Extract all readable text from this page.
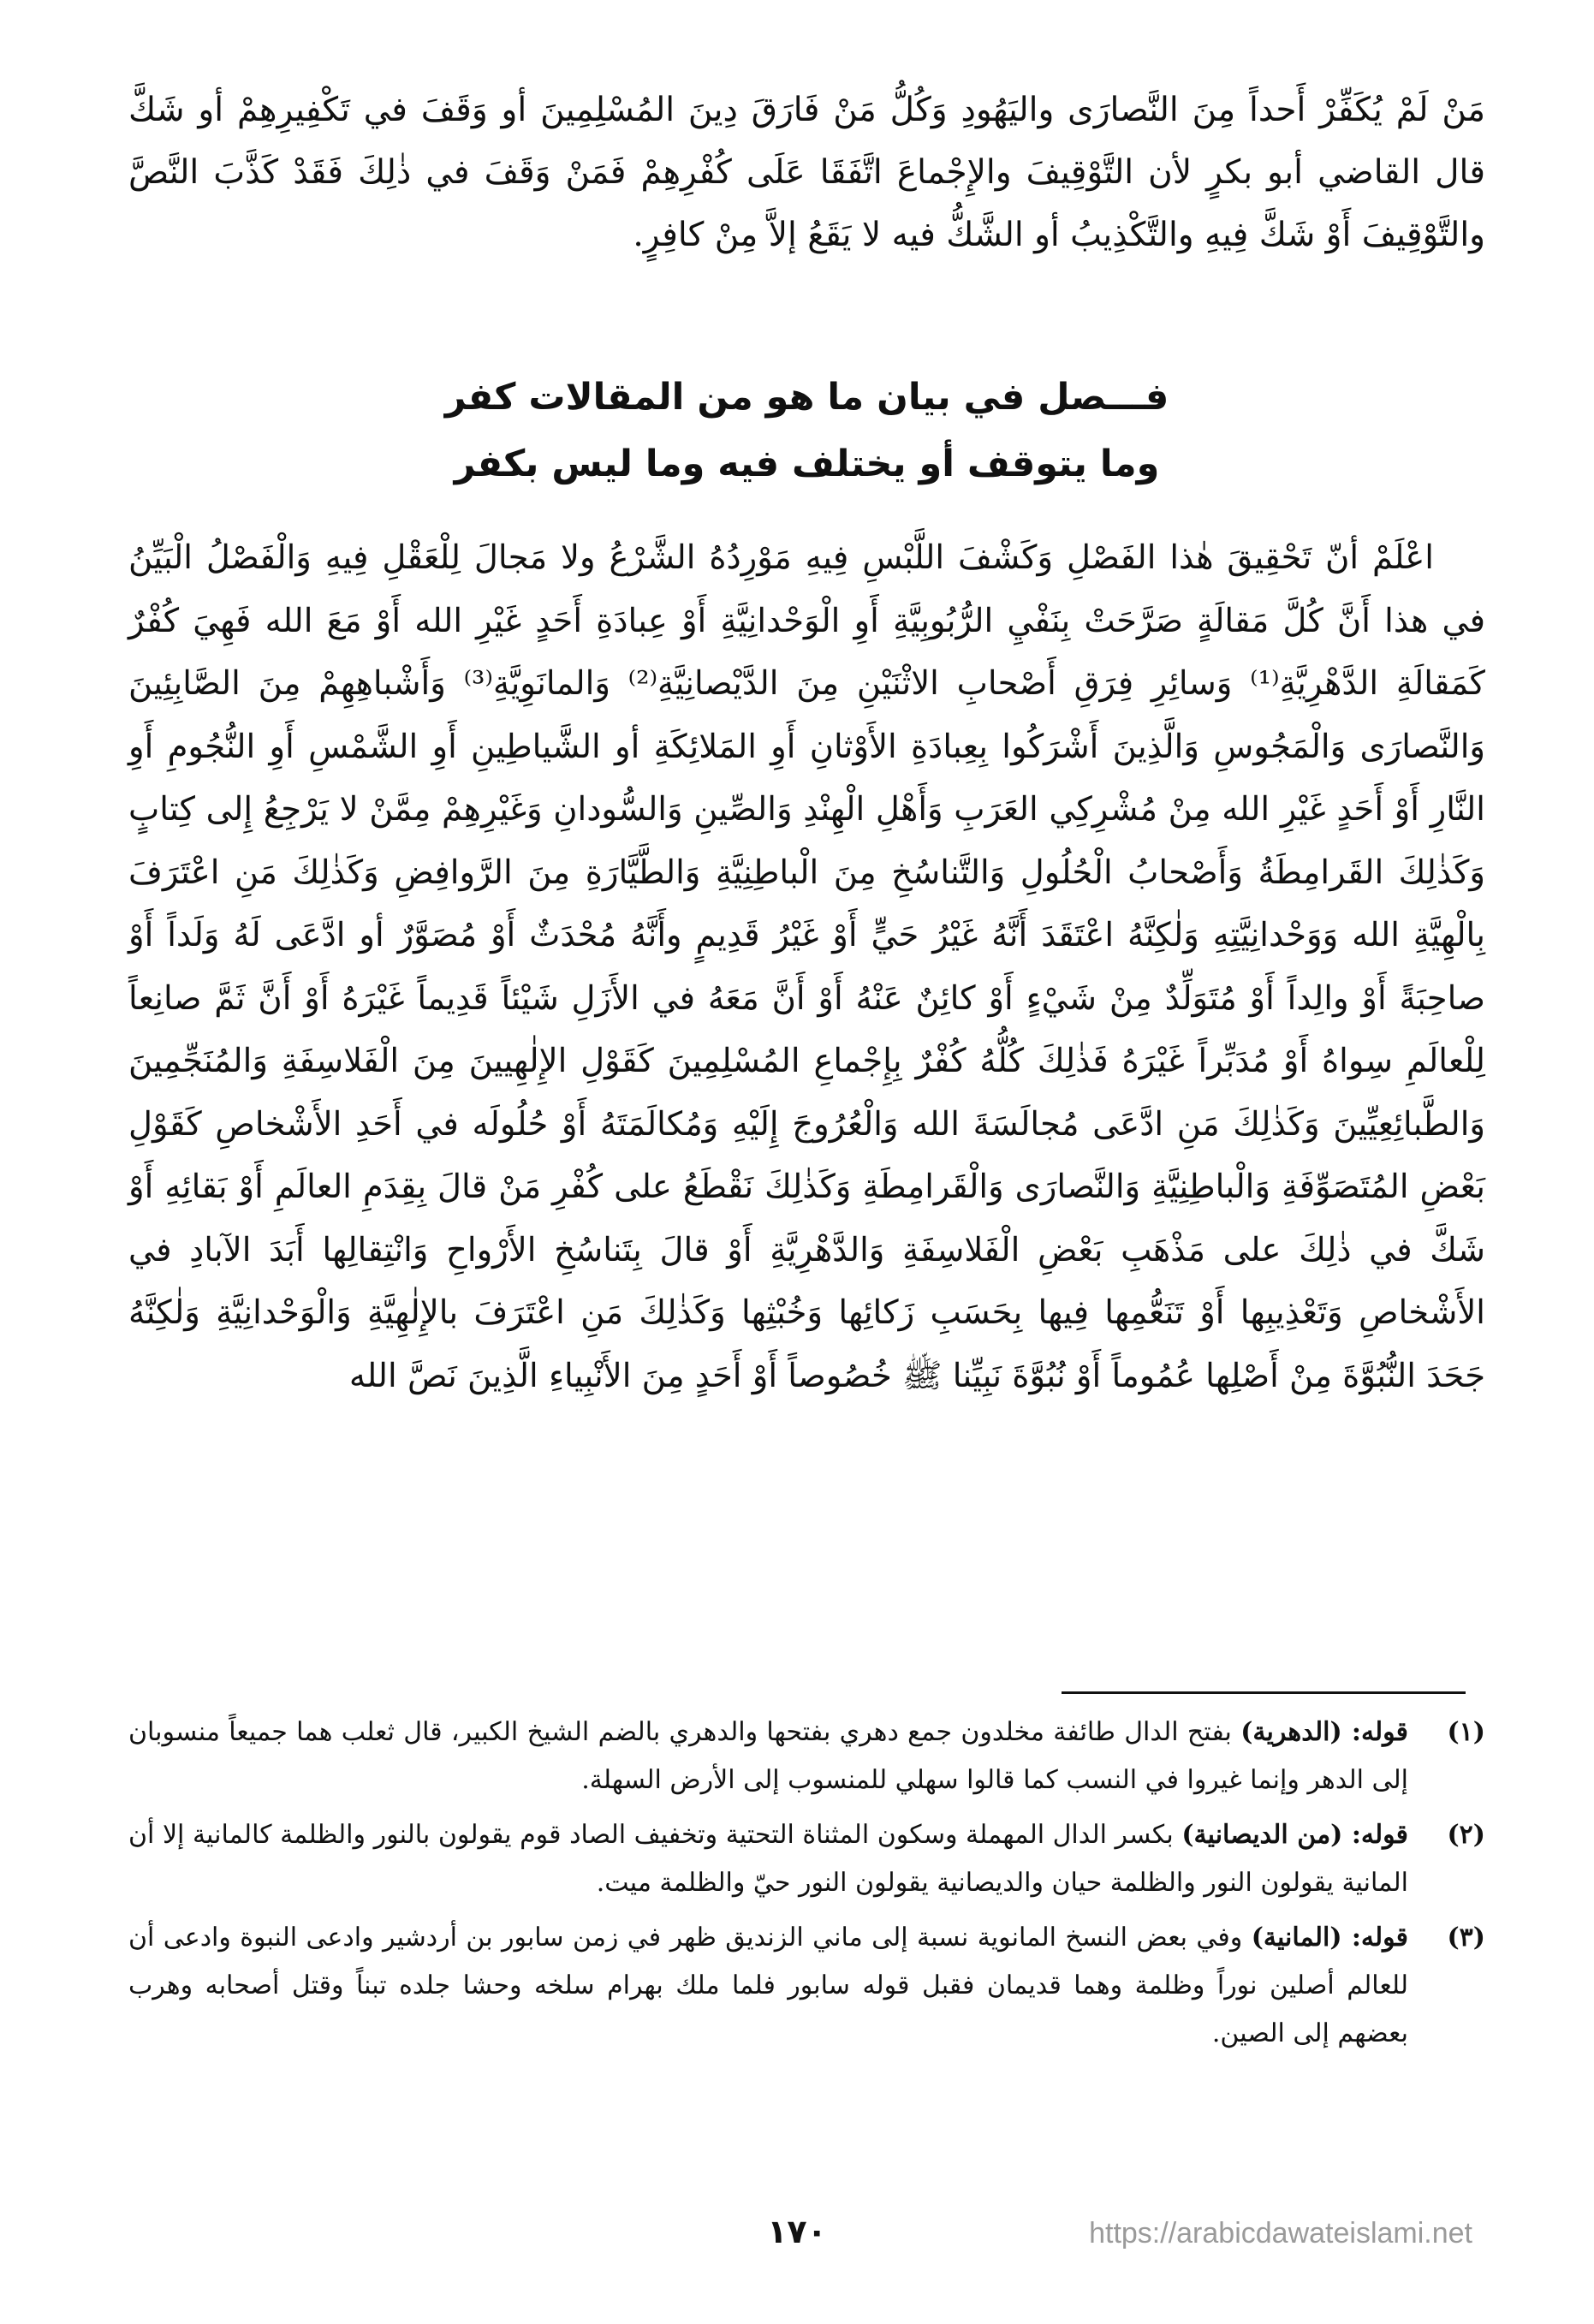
مَنْ لَمْ يُكَفِّرْ أَحداً مِنَ النَّصارَى واليَهُودِ وَكُلُّ مَنْ فَارَقَ دِينَ المُسْلِمِينَ أو وَقَفَ في تَكْفِيرِهِمْ أو شَكَّ قال القاضي أبو بكرٍ لأن التَّوْقِيفَ والإِجْماعَ اتَّفَقَا عَلَى كُفْرِهِمْ فَمَنْ وَقَفَ في ذٰلِكَ فَقَدْ كَذَّبَ النَّصَّ والتَّوْقِيفَ أَوْ شَكَّ فِيهِ والتَّكْذِيبُ أو الشَّكُّ فيه لا يَقَعُ إلاَّ مِنْ كافِرٍ.

فـــصل في بيان ما هو من المقالات كفر
وما يتوقف أو يختلف فيه وما ليس بكفر

اعْلَمْ أنّ تَحْقِيقَ هٰذا الفَصْلِ وَكَشْفَ اللَّبْسِ فِيهِ مَوْرِدُهُ الشَّرْعُ ولا مَجالَ لِلْعَقْلِ فِيهِ وَالْفَصْلُ الْبَيِّنُ في هذا أَنَّ كُلَّ مَقالَةٍ صَرَّحَتْ بِنَفْيِ الرُّبُوبِيَّةِ أَوِ الْوَحْدانِيَّةِ أَوْ عِبادَةِ أَحَدٍ غَيْرِ الله أَوْ مَعَ الله فَهِيَ كُفْرٌ كَمَقالَةِ الدَّهْرِيَّةِ⁽¹⁾ وَسائِرِ فِرَقِ أَصْحابِ الاثْنَيْنِ مِنَ الدَّيْصانِيَّةِ⁽²⁾ وَالمانَوِيَّةِ⁽³⁾ وَأَشْباهِهِمْ مِنَ الصَّابِئِينَ وَالنَّصارَى وَالْمَجُوسِ وَالَّذِينَ أَشْرَكُوا بِعِبادَةِ الأَوْثانِ أَوِ المَلائِكَةِ أو الشَّياطِينِ أَوِ الشَّمْسِ أَوِ النُّجُومِ أَوِ النَّارِ أَوْ أَحَدٍ غَيْرِ الله مِنْ مُشْرِكِي العَرَبِ وَأَهْلِ الْهِنْدِ وَالصِّينِ وَالسُّودانِ وَغَيْرِهِمْ مِمَّنْ لا يَرْجِعُ إِلى كِتابٍ وَكَذٰلِكَ القَرامِطَةُ وَأَصْحابُ الْحُلُولِ وَالتَّناسُخِ مِنَ الْباطِنِيَّةِ وَالطَّيَّارَةِ مِنَ الرَّوافِضِ وَكَذٰلِكَ مَنِ اعْتَرَفَ بِالْهِيَّةِ الله وَوَحْدانِيَّتِهِ وَلٰكِنَّهُ اعْتَقَدَ أَنَّهُ غَيْرُ حَيٍّ أَوْ غَيْرُ قَدِيمٍ وأَنَّهُ مُحْدَثٌ أَوْ مُصَوَّرٌ أو ادَّعَى لَهُ وَلَداً أَوْ صاحِبَةً أَوْ والِداً أَوْ مُتَوَلِّدٌ مِنْ شَيْءٍ أَوْ كائِنٌ عَنْهُ أَوْ أَنَّ مَعَهُ في الأَزَلِ شَيْئاً قَدِيماً غَيْرَهُ أَوْ أَنَّ ثَمَّ صانِعاً لِلْعالَمِ سِواهُ أَوْ مُدَبِّراً غَيْرَهُ فَذٰلِكَ كُلُّهُ كُفْرٌ بِإِجْماعِ المُسْلِمِينَ كَقَوْلِ الإِلٰهِيينَ مِنَ الْفَلاسِفَةِ وَالمُنَجِّمِينَ وَالطَّبائِعِيِّينَ وَكَذٰلِكَ مَنِ ادَّعَى مُجالَسَةَ الله وَالْعُرُوجَ إِلَيْهِ وَمُكالَمَتَهُ أَوْ حُلُولَه في أَحَدِ الأَشْخاصِ كَقَوْلِ بَعْضِ المُتَصَوِّفَةِ وَالْباطِنِيَّةِ وَالنَّصارَى وَالْقَرامِطَةِ وَكَذٰلِكَ نَقْطَعُ على كُفْرِ مَنْ قالَ بِقِدَمِ العالَمِ أَوْ بَقائِهِ أَوْ شَكَّ في ذٰلِكَ على مَذْهَبِ بَعْضِ الْفَلاسِفَةِ وَالدَّهْرِيَّةِ أَوْ قالَ بِتَناسُخِ الأَرْواحِ وَانْتِقالِها أَبَدَ الآبادِ في الأَشْخاصِ وَتَعْذِيبِها أَوْ تَنَعُّمِها فِيها بِحَسَبِ زَكائِها وَخُبْثِها وَكَذٰلِكَ مَنِ اعْتَرَفَ بالإِلٰهِيَّةِ وَالْوَحْدانِيَّةِ وَلٰكِنَّهُ جَحَدَ النُّبُوَّةَ مِنْ أَصْلِها عُمُوماً أَوْ نُبُوَّةَ نَبِيِّنا ﷺ خُصُوصاً أَوْ أَحَدٍ مِنَ الأَنْبِياءِ الَّذِينَ نَصَّ الله

(١)
قوله: (الدهرية) بفتح الدال طائفة مخلدون جمع دهري بفتحها والدهري بالضم الشيخ الكبير، قال ثعلب هما جميعاً منسوبان إلى الدهر وإنما غيروا في النسب كما قالوا سهلي للمنسوب إلى الأرض السهلة.
(٢)
قوله: (من الديصانية) بكسر الدال المهملة وسكون المثناة التحتية وتخفيف الصاد قوم يقولون بالنور والظلمة كالمانية إلا أن المانية يقولون النور والظلمة حيان والديصانية يقولون النور حيّ والظلمة ميت.
(٣)
قوله: (المانية) وفي بعض النسخ المانوية نسبة إلى ماني الزنديق ظهر في زمن سابور بن أردشير وادعى النبوة وادعى أن للعالم أصلين نوراً وظلمة وهما قديمان فقبل قوله سابور فلما ملك بهرام سلخه وحشا جلده تبناً وقتل أصحابه وهرب بعضهم إلى الصين.
١٧٠	https://arabicdawateislami.net
